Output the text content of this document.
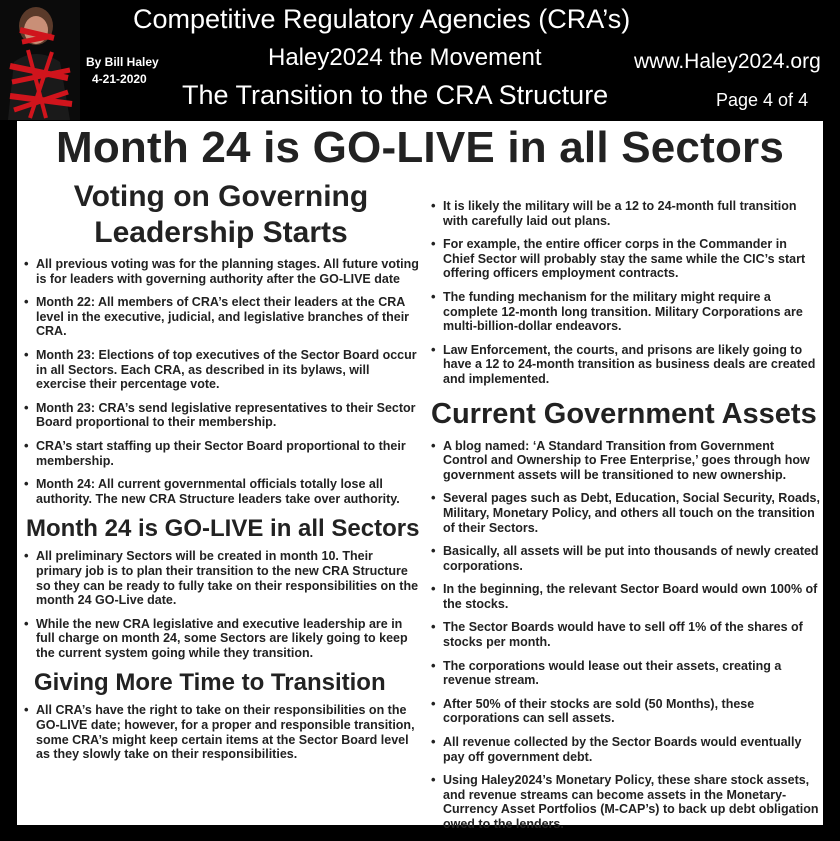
Competitive Regulatory Agencies (CRA’s)
Haley2024 the Movement	www.Haley2024.org
The Transition to the CRA Structure	Page 4 of 4
By Bill Haley
4-21-2020
Month 24 is GO-LIVE in all Sectors
Voting on Governing Leadership Starts
• All previous voting was for the planning stages. All future voting is for leaders with governing authority after the GO-LIVE date
• Month 22: All members of CRA’s elect their leaders at the CRA level in the executive, judicial, and legislative branches of their CRA.
• Month 23: Elections of top executives of the Sector Board occur in all Sectors. Each CRA, as described in its bylaws, will exercise their percentage vote.
• Month 23: CRA’s send legislative representatives to their Sector Board proportional to their membership.
• CRA’s start staffing up their Sector Board proportional to their membership.
• Month 24: All current governmental officials totally lose all authority. The new CRA Structure leaders take over authority.
Month 24 is GO-LIVE in all Sectors
• All preliminary Sectors will be created in month 10. Their primary job is to plan their transition to the new CRA Structure so they can be ready to fully take on their responsibilities on the month 24 GO-Live date.
• While the new CRA legislative and executive leadership are in full charge on month 24, some Sectors are likely going to keep the current system going while they transition.
Giving More Time to Transition
• All CRA’s have the right to take on their responsibilities on the GO-LIVE date; however, for a proper and responsible transition, some CRA’s might keep certain items at the Sector Board level as they slowly take on their responsibilities.
• It is likely the military will be a 12 to 24-month full transition with carefully laid out plans.
• For example, the entire officer corps in the Commander in Chief Sector will probably stay the same while the CIC’s start offering officers employment contracts.
• The funding mechanism for the military might require a complete 12-month long transition. Military Corporations are multi-billion-dollar endeavors.
• Law Enforcement, the courts, and prisons are likely going to have a 12 to 24-month transition as business deals are created and implemented.
Current Government Assets
• A blog named: ‘A Standard Transition from Government Control and Ownership to Free Enterprise,’ goes through how government assets will be transitioned to new ownership.
• Several pages such as Debt, Education, Social Security, Roads, Military, Monetary Policy, and others all touch on the transition of their Sectors.
• Basically, all assets will be put into thousands of newly created corporations.
• In the beginning, the relevant Sector Board would own 100% of the stocks.
• The Sector Boards would have to sell off 1% of the shares of stocks per month.
• The corporations would lease out their assets, creating a revenue stream.
• After 50% of their stocks are sold (50 Months), these corporations can sell assets.
• All revenue collected by the Sector Boards would eventually pay off government debt.
• Using Haley2024’s Monetary Policy, these share stock assets, and revenue streams can become assets in the Monetary-Currency Asset Portfolios (M-CAP’s) to back up debt obligation owed to the lenders.
